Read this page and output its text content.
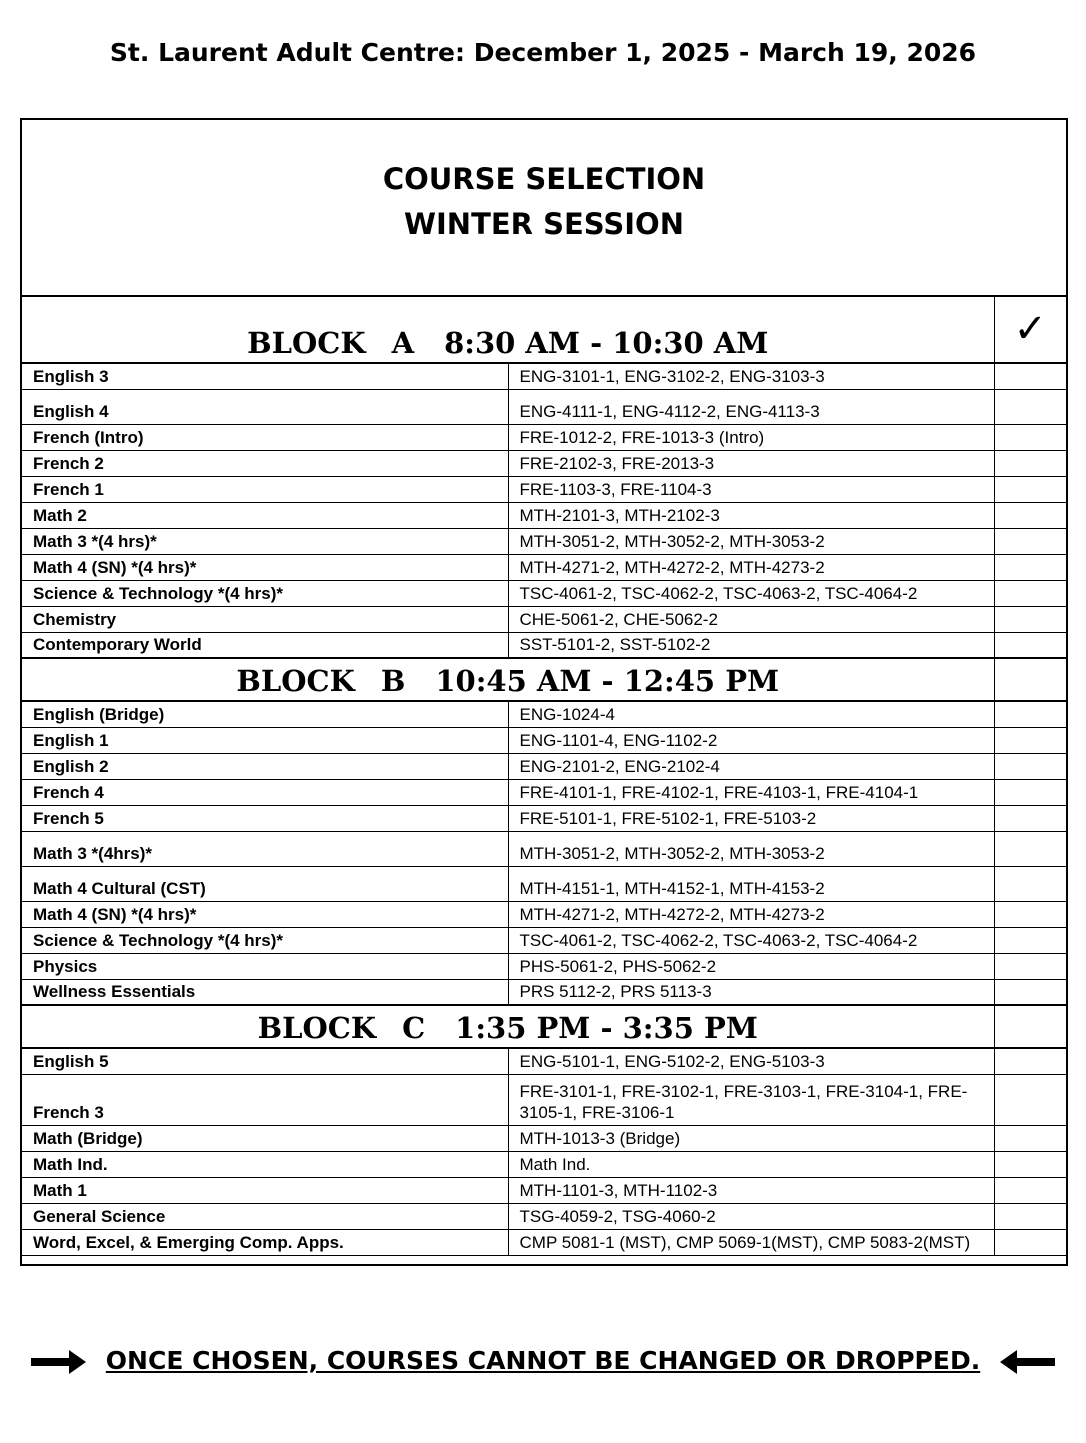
St. Laurent Adult Centre: December 1, 2025 - March 19, 2026
COURSE SELECTION
WINTER SESSION
BLOCK A 8:30 AM - 10:30 AM		✓
English 3	ENG-3101-1, ENG-3102-2, ENG-3103-3	
English 4	ENG-4111-1, ENG-4112-2, ENG-4113-3	
French (Intro)	FRE-1012-2, FRE-1013-3 (Intro)	
French 2	FRE-2102-3, FRE-2013-3	
French 1	FRE-1103-3, FRE-1104-3	
Math 2	MTH-2101-3, MTH-2102-3	
Math 3 *(4 hrs)*	MTH-3051-2, MTH-3052-2, MTH-3053-2	
Math 4 (SN) *(4 hrs)*	MTH-4271-2, MTH-4272-2, MTH-4273-2	
Science & Technology *(4 hrs)*	TSC-4061-2, TSC-4062-2, TSC-4063-2, TSC-4064-2	
Chemistry	CHE-5061-2, CHE-5062-2	
Contemporary World	SST-5101-2, SST-5102-2	
BLOCK B 10:45 AM - 12:45 PM		
English (Bridge)	ENG-1024-4	
English 1	ENG-1101-4, ENG-1102-2	
English 2	ENG-2101-2, ENG-2102-4	
French 4	FRE-4101-1, FRE-4102-1, FRE-4103-1, FRE-4104-1	
French 5	FRE-5101-1, FRE-5102-1, FRE-5103-2	
Math 3 *(4hrs)*	MTH-3051-2, MTH-3052-2, MTH-3053-2	
Math 4 Cultural (CST)	MTH-4151-1, MTH-4152-1, MTH-4153-2	
Math 4 (SN) *(4 hrs)*	MTH-4271-2, MTH-4272-2, MTH-4273-2	
Science & Technology *(4 hrs)*	TSC-4061-2, TSC-4062-2, TSC-4063-2, TSC-4064-2	
Physics	PHS-5061-2, PHS-5062-2	
Wellness Essentials	PRS 5112-2, PRS 5113-3	
BLOCK C 1:35 PM - 3:35 PM		
English 5	ENG-5101-1, ENG-5102-2, ENG-5103-3	
French 3	FRE-3101-1, FRE-3102-1, FRE-3103-1, FRE-3104-1, FRE-3105-1, FRE-3106-1	
Math (Bridge)	MTH-1013-3 (Bridge)	
Math Ind.	Math Ind.	
Math 1	MTH-1101-3, MTH-1102-3	
General Science	TSG-4059-2, TSG-4060-2	
Word, Excel, & Emerging Comp. Apps.	CMP 5081-1 (MST), CMP 5069-1(MST), CMP 5083-2(MST)	
ONCE CHOSEN, COURSES CANNOT BE CHANGED OR DROPPED.
